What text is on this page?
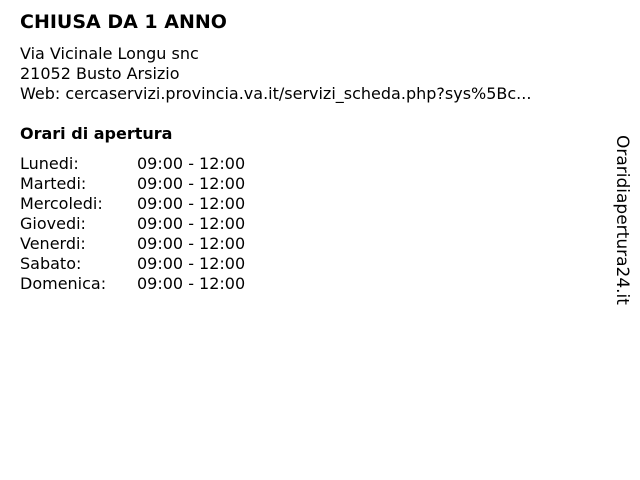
CHIUSA DA 1 ANNO
Via Vicinale Longu snc
21052 Busto Arsizio
Web: cercaservizi.provincia.va.it/servizi_scheda.php?sys%5Bc...
Orari di apertura
Lunedi:	09:00 - 12:00
Martedi:	09:00 - 12:00
Mercoledi: 09:00 - 12:00
Giovedi:	09:00 - 12:00
Venerdi:	09:00 - 12:00
Sabato:	09:00 - 12:00
Domenica: 09:00 - 12:00	Oraridiapertura24.it
